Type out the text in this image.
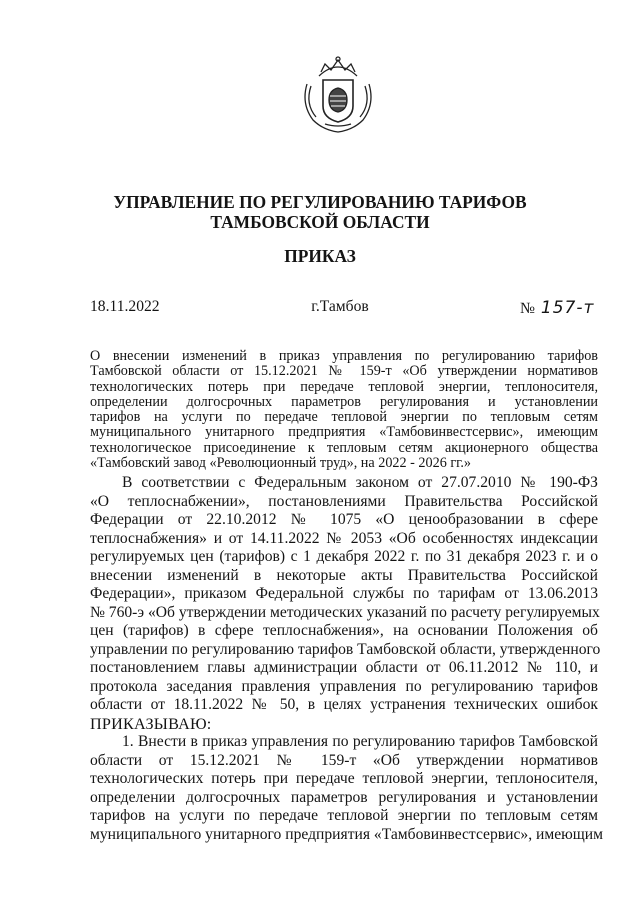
УПРАВЛЕНИЕ ПО РЕГУЛИРОВАНИЮ ТАРИФОВ
ТАМБОВСКОЙ ОБЛАСТИ
ПРИКАЗ
18.11.2022	г.Тамбов	№ 157-т
О внесении изменений в приказ управления по регулированию тарифов
Тамбовской области от 15.12.2021 № 159-т «Об утверждении нормативов
технологических потерь при передаче тепловой энергии, теплоносителя,
определении долгосрочных параметров регулирования и установлении
тарифов на услуги по передаче тепловой энергии по тепловым сетям
муниципального унитарного предприятия «Тамбовинвестсервис», имеющим
технологическое присоединение к тепловым сетям акционерного общества
«Тамбовский завод «Революционный труд», на 2022 - 2026 гг.»
В соответствии с Федеральным законом от 27.07.2010 № 190-ФЗ
«О теплоснабжении», постановлениями Правительства Российской
Федерации от 22.10.2012 № 1075 «О ценообразовании в сфере
теплоснабжения» и от 14.11.2022 № 2053 «Об особенностях индексации
регулируемых цен (тарифов) с 1 декабря 2022 г. по 31 декабря 2023 г. и о
внесении изменений в некоторые акты Правительства Российской
Федерации», приказом Федеральной службы по тарифам от 13.06.2013
№ 760-э «Об утверждении методических указаний по расчету регулируемых
цен (тарифов) в сфере теплоснабжения», на основании Положения об
управлении по регулированию тарифов Тамбовской области, утвержденного
постановлением главы администрации области от 06.11.2012 № 110, и
протокола заседания правления управления по регулированию тарифов
области от 18.11.2022 № 50, в целях устранения технических ошибок
ПРИКАЗЫВАЮ:
1. Внести в приказ управления по регулированию тарифов Тамбовской
области от 15.12.2021 № 159-т «Об утверждении нормативов
технологических потерь при передаче тепловой энергии, теплоносителя,
определении долгосрочных параметров регулирования и установлении
тарифов на услуги по передаче тепловой энергии по тепловым сетям
муниципального унитарного предприятия «Тамбовинвестсервис», имеющим
